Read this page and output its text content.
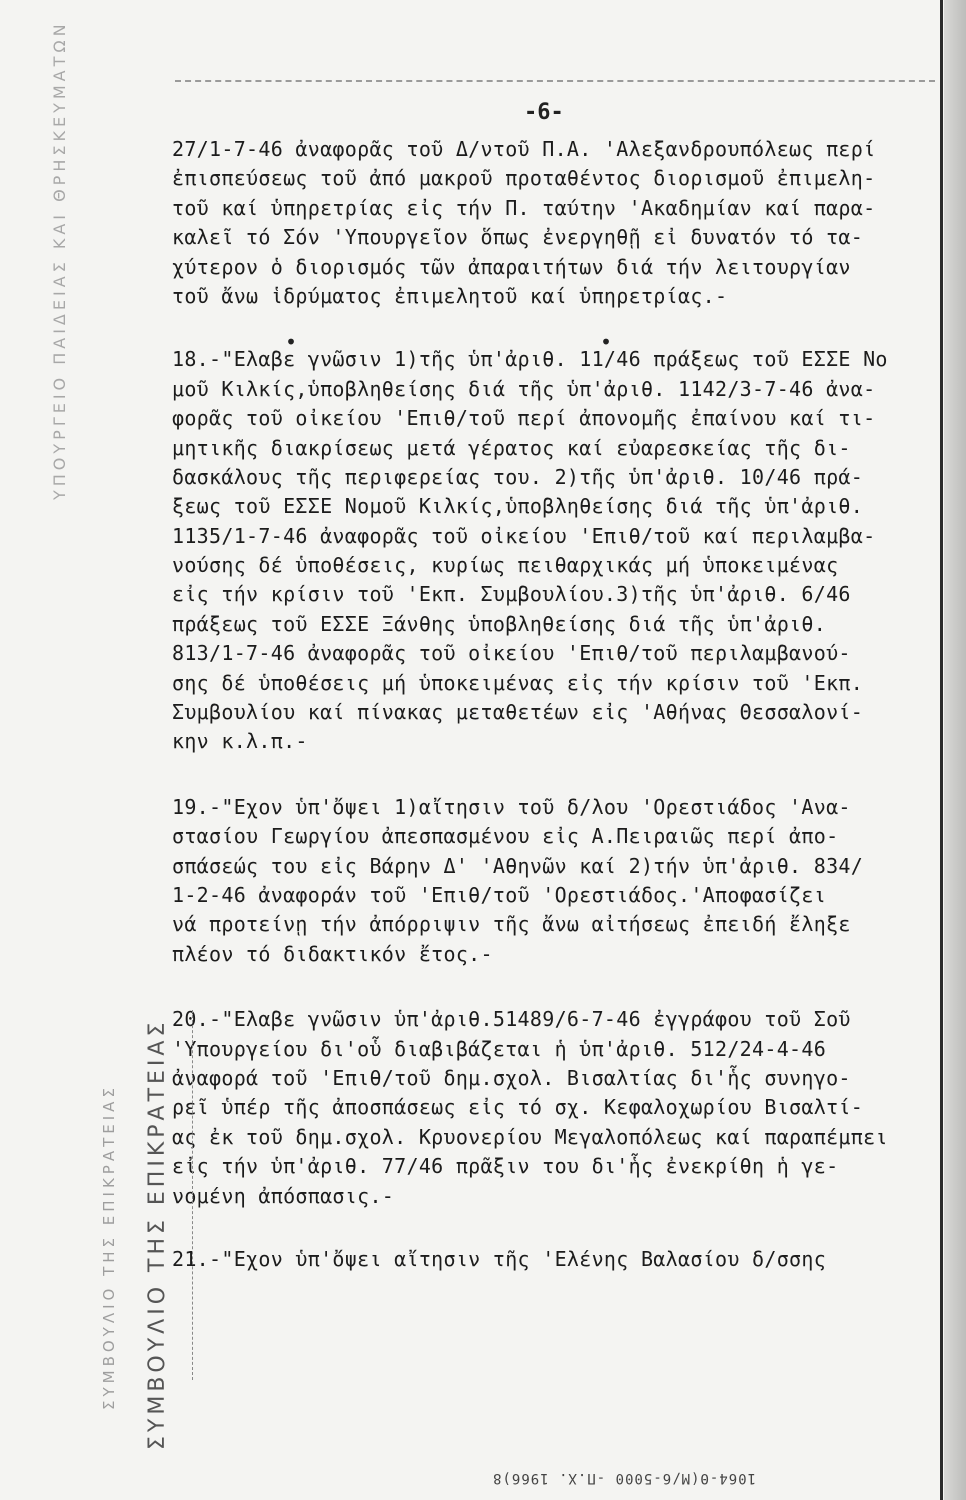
ΣΥΜΒΟΥΛΙΟ ΤΗΣ ΕΠΙΚΡΑΤΕΙΑΣ
ΣΥΜΒΟΥΛΙΟ ΤΗΣ ΕΠΙΚΡΑΤΕΙΑΣ
ΥΠΟΥΡΓΕΙΟ ΠΑΙΔΕΙΑΣ ΚΑΙ ΘΡΗΣΚΕΥΜΑΤΩΝ	-6-
•	•
27/1-7-46 ἀναφορᾶς τοῦ Δ/ντοῦ Π.Α. 'Αλεξανδρουπόλεως περί
ἐπισπεύσεως τοῦ ἀπό μακροῦ προταθέντος διορισμοῦ ἐπιμελη-
τοῦ καί ὑπηρετρίας εἰς τήν Π. ταύτην 'Ακαδημίαν καί παρα-
καλεῖ τό Σόν 'Υπουργεῖον ὅπως ἐνεργηθῇ εἰ δυνατόν τό τα-
χύτερον ὁ διορισμός τῶν ἀπαραιτήτων διά τήν λειτουργίαν
τοῦ ἄνω ἱδρύματος ἐπιμελητοῦ καί ὑπηρετρίας.-
18.-"Ελαβε γνῶσιν 1)τῆς ὑπ'ἀριθ. 11/46 πράξεως τοῦ ΕΣΣΕ Νο
μοῦ Κιλκίς,ὑποβληθείσης διά τῆς ὑπ'ἀριθ. 1142/3-7-46 ἀνα-
φορᾶς τοῦ οἰκείου 'Επιθ/τοῦ περί ἀπονομῆς ἐπαίνου καί τι-
μητικῆς διακρίσεως μετά γέρατος καί εὐαρεσκείας τῆς δι-
δασκάλους τῆς περιφερείας του. 2)τῆς ὑπ'ἀριθ. 10/46 πρά-
ξεως τοῦ ΕΣΣΕ Νομοῦ Κιλκίς,ὑποβληθείσης διά τῆς ὑπ'ἀριθ.
1135/1-7-46 ἀναφορᾶς τοῦ οἰκείου 'Επιθ/τοῦ καί περιλαμβα-
νούσης δέ ὑποθέσεις, κυρίως πειθαρχικάς μή ὑποκειμένας
εἰς τήν κρίσιν τοῦ 'Εκπ. Συμβουλίου.3)τῆς ὑπ'ἀριθ. 6/46
πράξεως τοῦ ΕΣΣΕ Ξάνθης ὑποβληθείσης διά τῆς ὑπ'ἀριθ.
813/1-7-46 ἀναφορᾶς τοῦ οἰκείου 'Επιθ/τοῦ περιλαμβανού-
σης δέ ὑποθέσεις μή ὑποκειμένας εἰς τήν κρίσιν τοῦ 'Εκπ.
Συμβουλίου καί πίνακας μεταθετέων εἰς 'Αθήνας Θεσσαλονί-
κην κ.λ.π.-
19.-"Εχον ὑπ'ὄψει 1)αἴτησιν τοῦ δ/λου 'Ορεστιάδος 'Ανα-
στασίου Γεωργίου ἀπεσπασμένου εἰς Α.Πειραιῶς περί ἀπο-
σπάσεώς του εἰς Βάρην Δ' 'Αθηνῶν καί 2)τήν ὑπ'ἀριθ. 834/
1-2-46 ἀναφοράν τοῦ 'Επιθ/τοῦ 'Ορεστιάδος.'Αποφασίζει
νά προτείνῃ τήν ἀπόρριψιν τῆς ἄνω αἰτήσεως ἐπειδή ἔληξε
πλέον τό διδακτικόν ἔτος.-
20.-"Ελαβε γνῶσιν ὑπ'ἀριθ.51489/6-7-46 ἐγγράφου τοῦ Σοῦ
'Υπουργείου δι'οὗ διαβιβάζεται ἡ ὑπ'ἀριθ. 512/24-4-46
ἀναφορά τοῦ 'Επιθ/τοῦ δημ.σχολ. Βισαλτίας δι'ἧς συνηγο-
ρεῖ ὑπέρ τῆς ἀποσπάσεως εἰς τό σχ. Κεφαλοχωρίου Βισαλτί-
ας ἐκ τοῦ δημ.σχολ. Κρυονερίου Μεγαλοπόλεως καί παραπέμπει
εἰς τήν ὑπ'ἀριθ. 77/46 πρᾶξιν του δι'ἧς ἐνεκρίθη ἡ γε-
νομένη ἀπόσπασις.-
21.-"Εχον ὑπ'ὄψει αἴτησιν τῆς 'Ελένης Βαλασίου δ/σσης
1064-Θ(Μ/6-5000 -Π.Χ. 1966)8
